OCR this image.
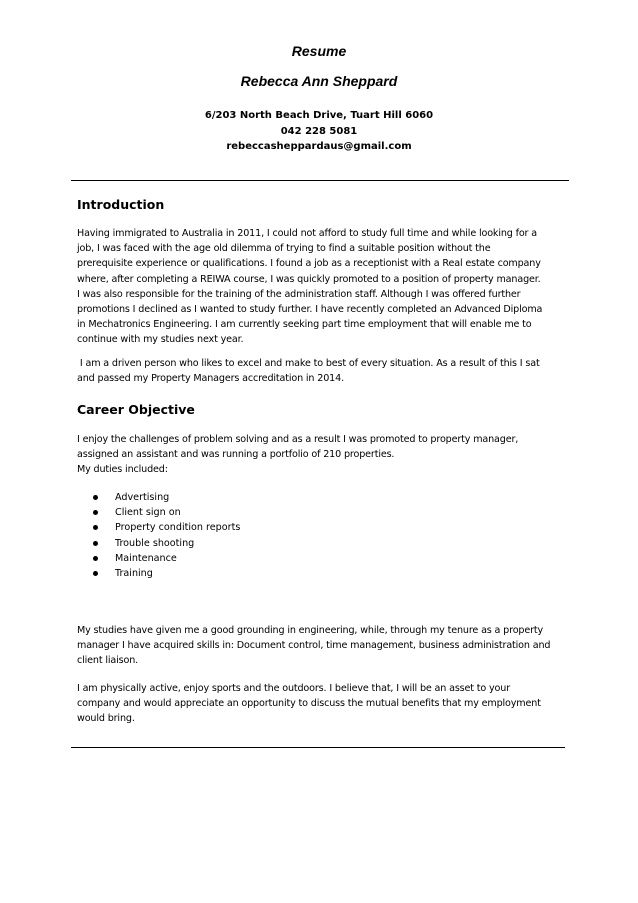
Resume
Rebecca Ann Sheppard
6/203 North Beach Drive, Tuart Hill 6060
042 228 5081
rebeccasheppardaus@gmail.com
Introduction
Having immigrated to Australia in 2011, I could not afford to study full time and while looking for a
job, I was faced with the age old dilemma of trying to find a suitable position without the
prerequisite experience or qualifications. I found a job as a receptionist with a Real estate company
where, after completing a REIWA course, I was quickly promoted to a position of property manager.
I was also responsible for the training of the administration staff. Although I was offered further
promotions I declined as I wanted to study further. I have recently completed an Advanced Diploma
in Mechatronics Engineering. I am currently seeking part time employment that will enable me to
continue with my studies next year.
I am a driven person who likes to excel and make to best of every situation. As a result of this I sat
and passed my Property Managers accreditation in 2014.
Career Objective
I enjoy the challenges of problem solving and as a result I was promoted to property manager,
assigned an assistant and was running a portfolio of 210 properties.
My duties included:
Advertising
Client sign on
Property condition reports
Trouble shooting
Maintenance
Training
My studies have given me a good grounding in engineering, while, through my tenure as a property
manager I have acquired skills in: Document control, time management, business administration and
client liaison.
I am physically active, enjoy sports and the outdoors. I believe that, I will be an asset to your
company and would appreciate an opportunity to discuss the mutual benefits that my employment
would bring.
